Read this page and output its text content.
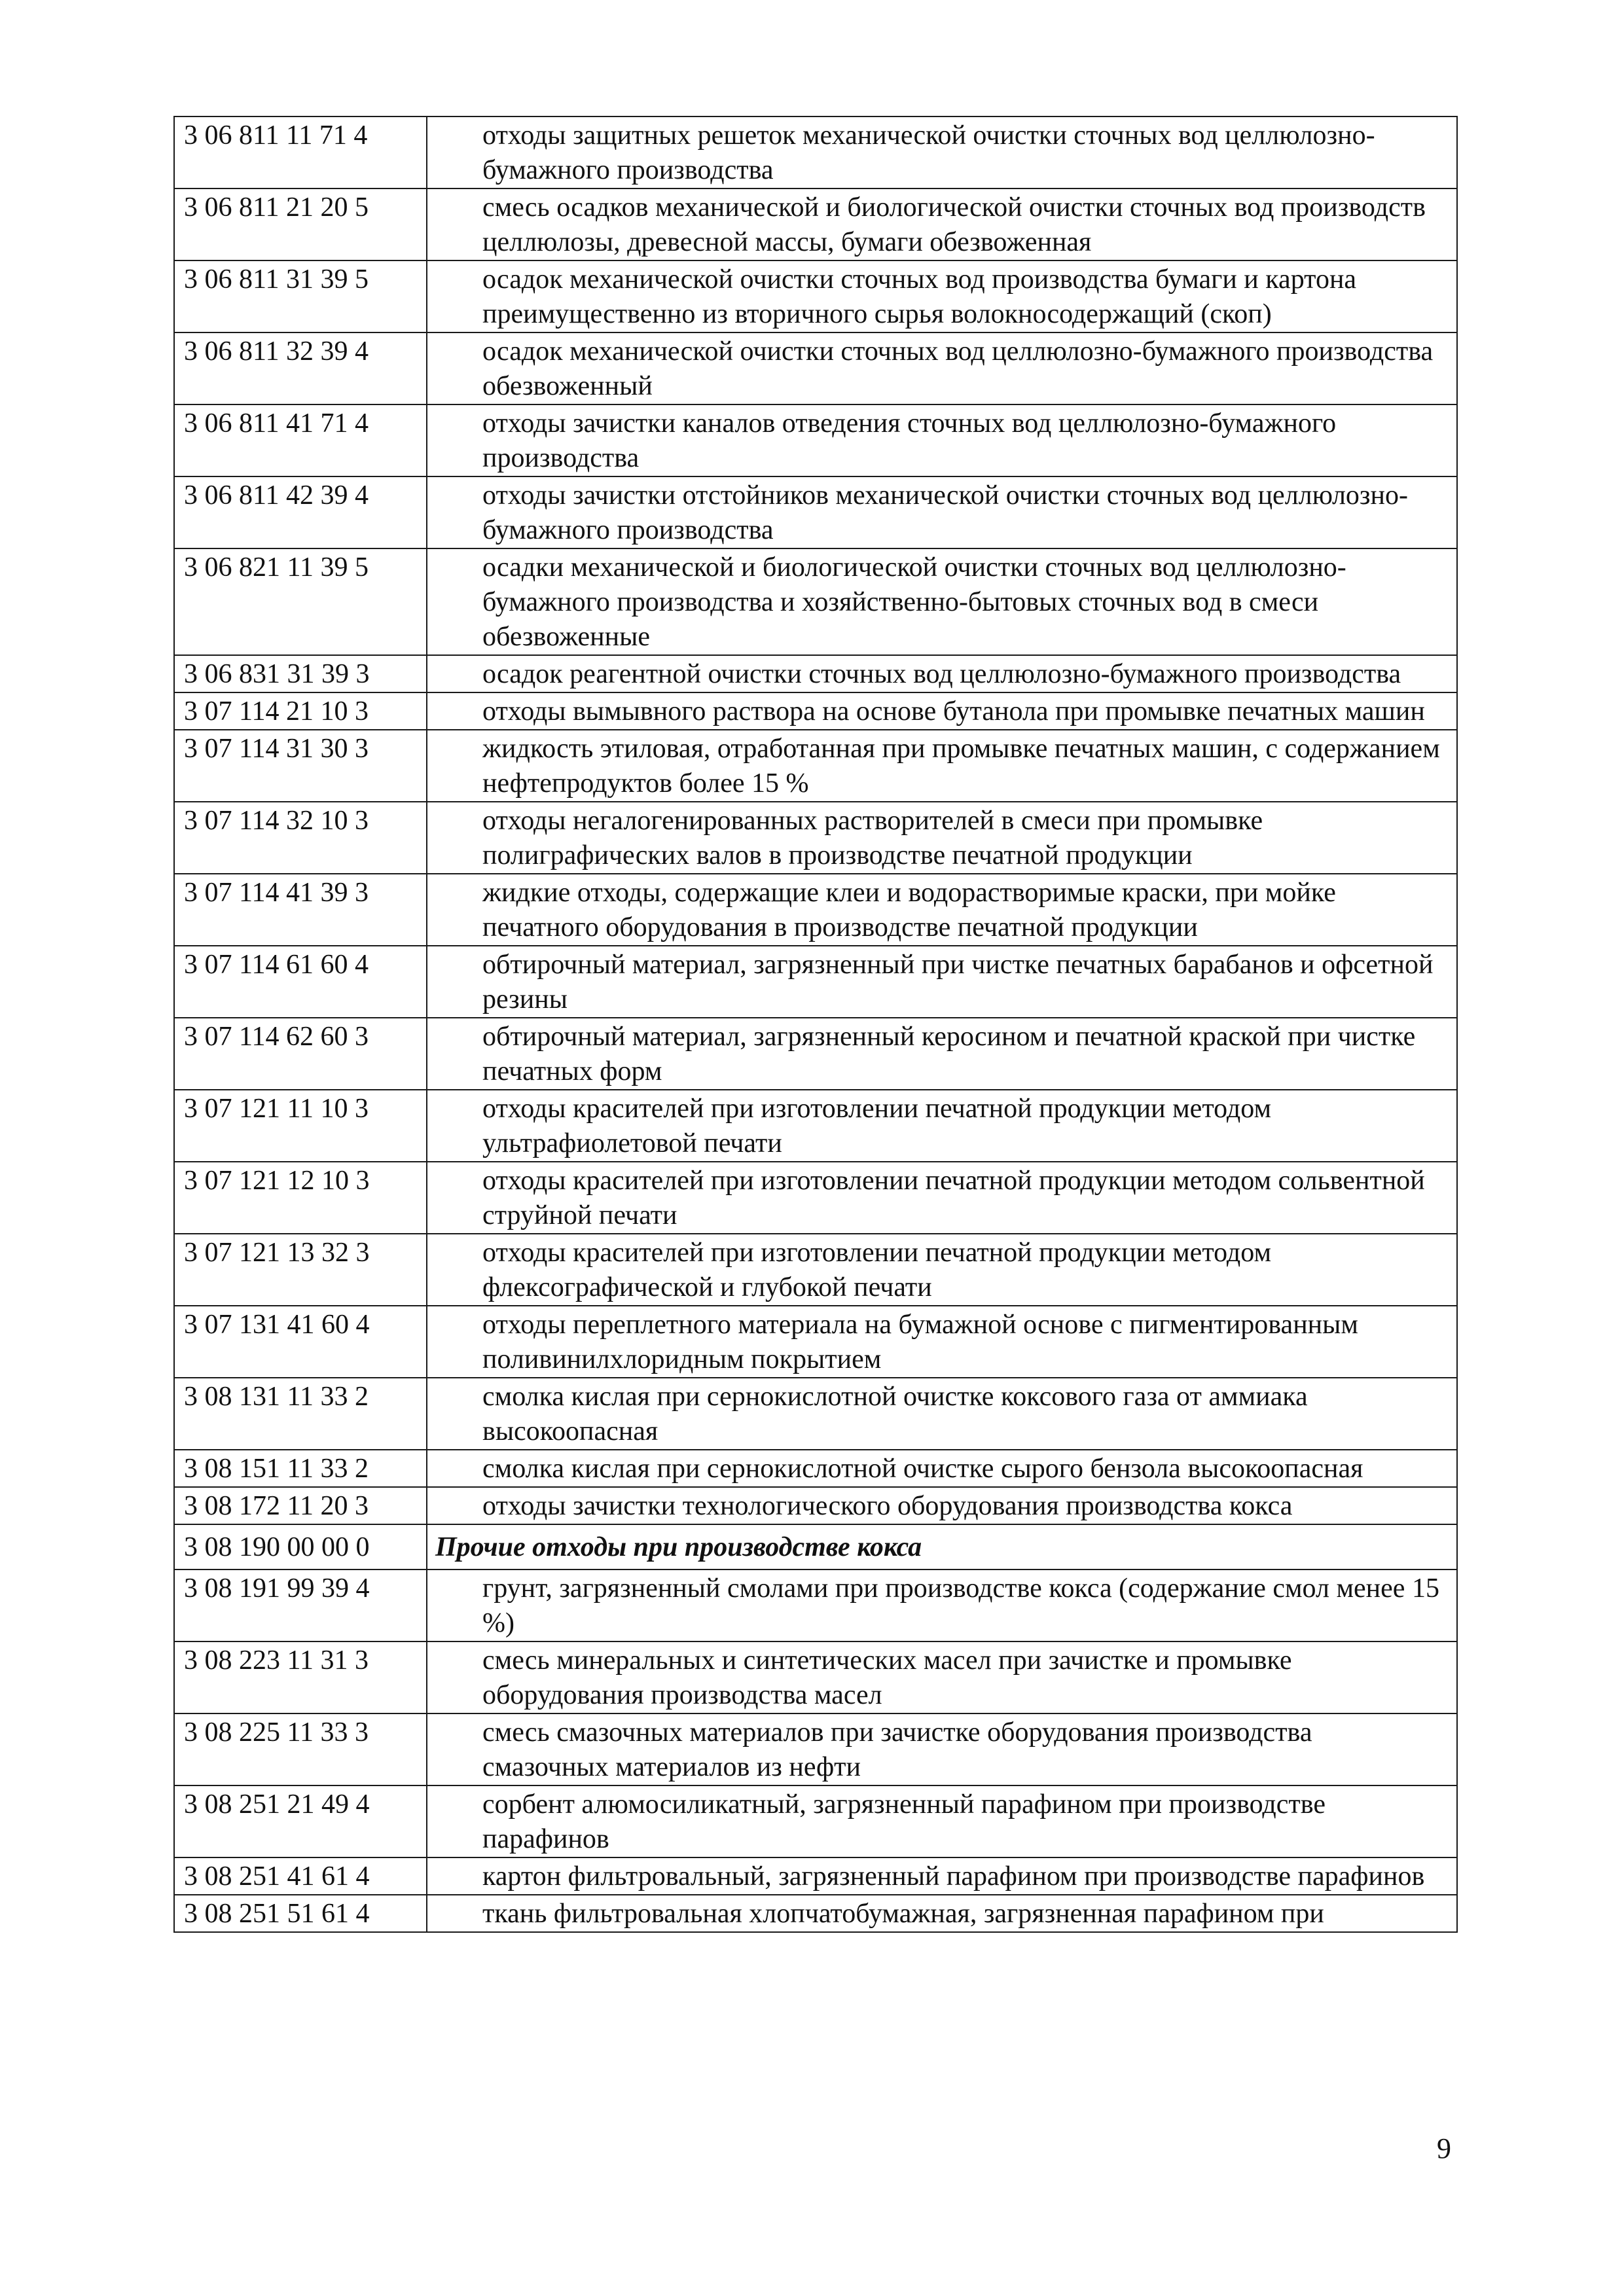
3 06 811 11 71 4	отходы защитных решеток механической очистки сточных вод целлюлозно-бумажного производства
3 06 811 21 20 5	смесь осадков механической и биологической очистки сточных вод производств целлюлозы, древесной массы, бумаги обезвоженная
3 06 811 31 39 5	осадок механической очистки сточных вод производства бумаги и картона преимущественно из вторичного сырья волокносодержащий (скоп)
3 06 811 32 39 4	осадок механической очистки сточных вод целлюлозно-бумажного производства обезвоженный
3 06 811 41 71 4	отходы зачистки каналов отведения сточных вод целлюлозно-бумажного производства
3 06 811 42 39 4	отходы зачистки отстойников механической очистки сточных вод целлюлозно-бумажного производства
3 06 821 11 39 5	осадки механической и биологической очистки сточных вод целлюлозно-бумажного производства и хозяйственно-бытовых сточных вод в смеси обезвоженные
3 06 831 31 39 3	осадок реагентной очистки сточных вод целлюлозно-бумажного производства
3 07 114 21 10 3	отходы вымывного раствора на основе бутанола при промывке печатных машин
3 07 114 31 30 3	жидкость этиловая, отработанная при промывке печатных машин, с содержанием нефтепродуктов более 15 %
3 07 114 32 10 3	отходы негалогенированных растворителей в смеси при промывке полиграфических валов в производстве печатной продукции
3 07 114 41 39 3	жидкие отходы, содержащие клеи и водорастворимые краски, при мойке печатного оборудования в производстве печатной продукции
3 07 114 61 60 4	обтирочный материал, загрязненный при чистке печатных барабанов и офсетной резины
3 07 114 62 60 3	обтирочный материал, загрязненный керосином и печатной краской при чистке печатных форм
3 07 121 11 10 3	отходы красителей при изготовлении печатной продукции методом ультрафиолетовой печати
3 07 121 12 10 3	отходы красителей при изготовлении печатной продукции методом сольвентной струйной печати
3 07 121 13 32 3	отходы красителей при изготовлении печатной продукции методом флексографической и глубокой печати
3 07 131 41 60 4	отходы переплетного материала на бумажной основе с пигментированным поливинилхлоридным покрытием
3 08 131 11 33 2	смолка кислая при сернокислотной очистке коксового газа от аммиака высокоопасная
3 08 151 11 33 2	смолка кислая при сернокислотной очистке сырого бензола высокоопасная
3 08 172 11 20 3	отходы зачистки технологического оборудования производства кокса
3 08 190 00 00 0	Прочие отходы при производстве кокса
3 08 191 99 39 4	грунт, загрязненный смолами при производстве кокса (содержание смол менее 15 %)
3 08 223 11 31 3	смесь минеральных и синтетических масел при зачистке и промывке оборудования производства масел
3 08 225 11 33 3	смесь смазочных материалов при зачистке оборудования производства смазочных материалов из нефти
3 08 251 21 49 4	сорбент алюмосиликатный, загрязненный парафином при производстве парафинов
3 08 251 41 61 4	картон фильтровальный, загрязненный парафином при производстве парафинов
3 08 251 51 61 4	ткань фильтровальная хлопчатобумажная, загрязненная парафином при
9
